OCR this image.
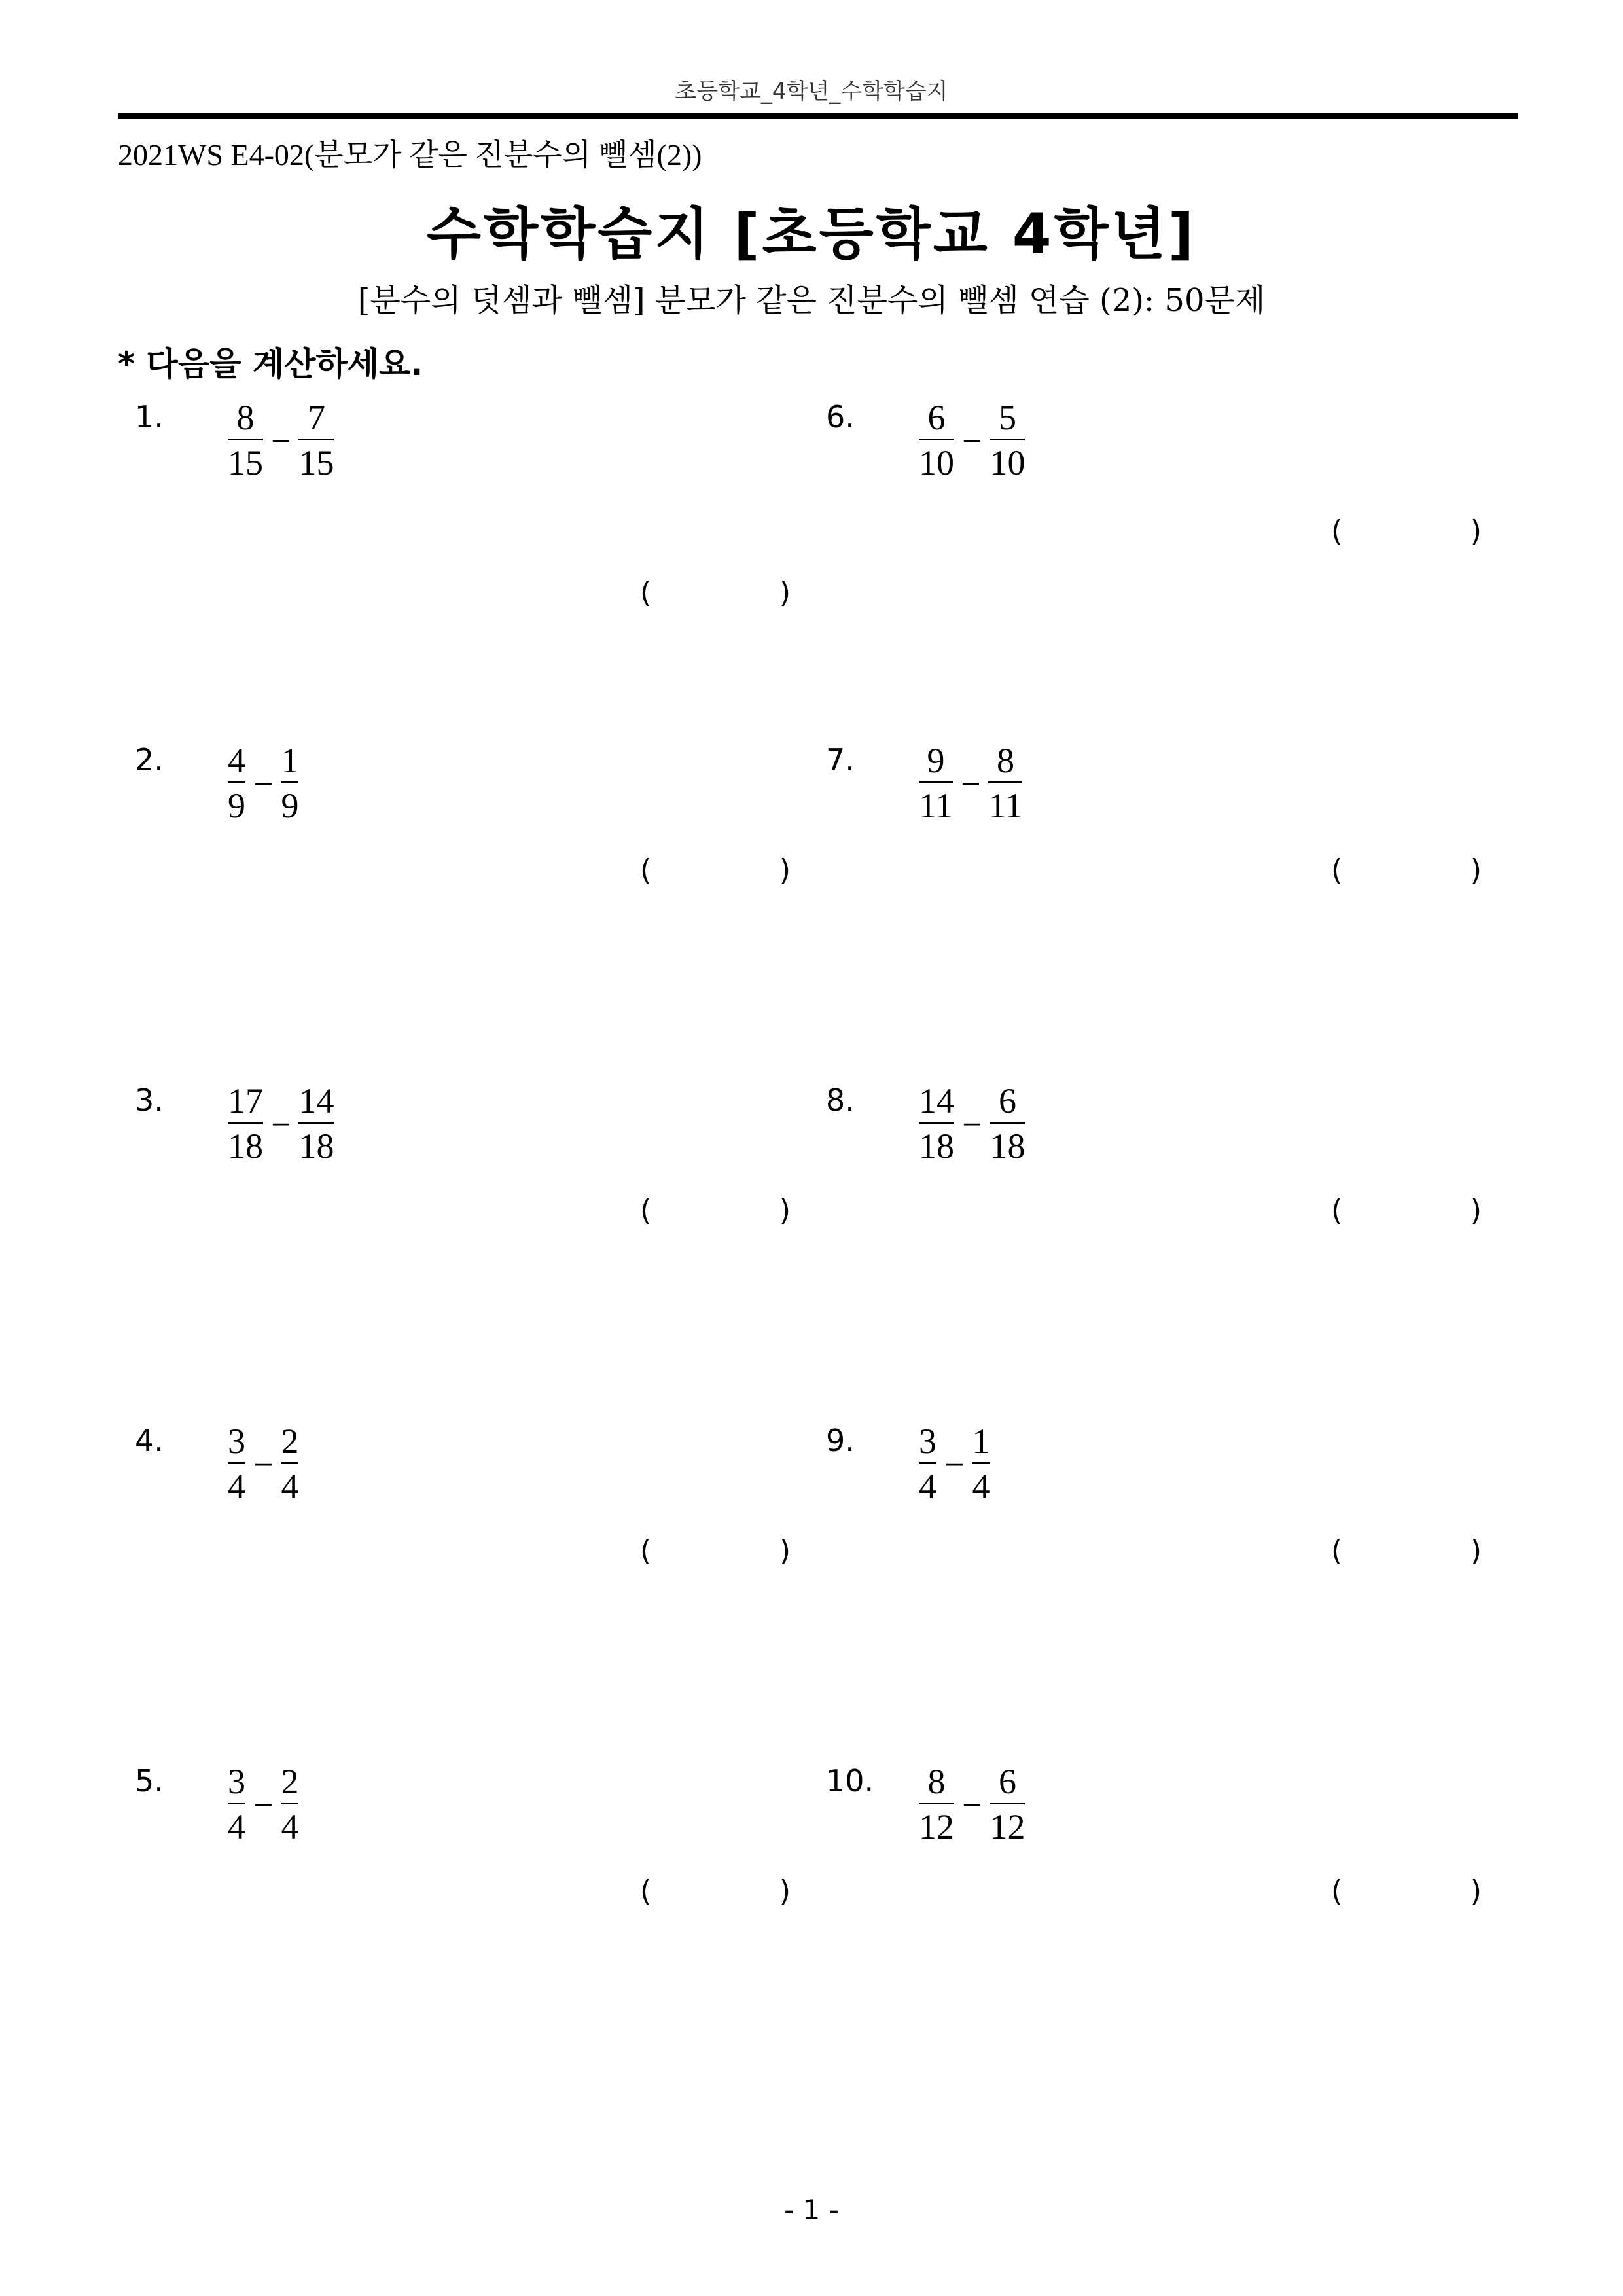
초등학교_4학년_수학학습지
2021WS E4-02(분모가 같은 진분수의 뺄셈(2))
수학학습지 [초등학교 4학년]
[분수의 덧셈과 뺄셈] 분모가 같은 진분수의 뺄셈 연습 (2): 50문제
* 다음을 계산하세요.
1. $\frac{8}{15} - \frac{7}{15}$
(	)
2. $\frac{4}{9} - \frac{1}{9}$
(	)
3. $\frac{17}{18} - \frac{14}{18}$
(	)
4. $\frac{3}{4} - \frac{2}{4}$
(	)
5. $\frac{3}{4} - \frac{2}{4}$
(	)
6. $\frac{6}{10} - \frac{5}{10}$
(	)
7. $\frac{9}{11} - \frac{8}{11}$
(	)
8. $\frac{14}{18} - \frac{6}{18}$
(	)
9. $\frac{3}{4} - \frac{1}{4}$
(	)
10. $\frac{8}{12} - \frac{6}{12}$
(	)
- 1 -
